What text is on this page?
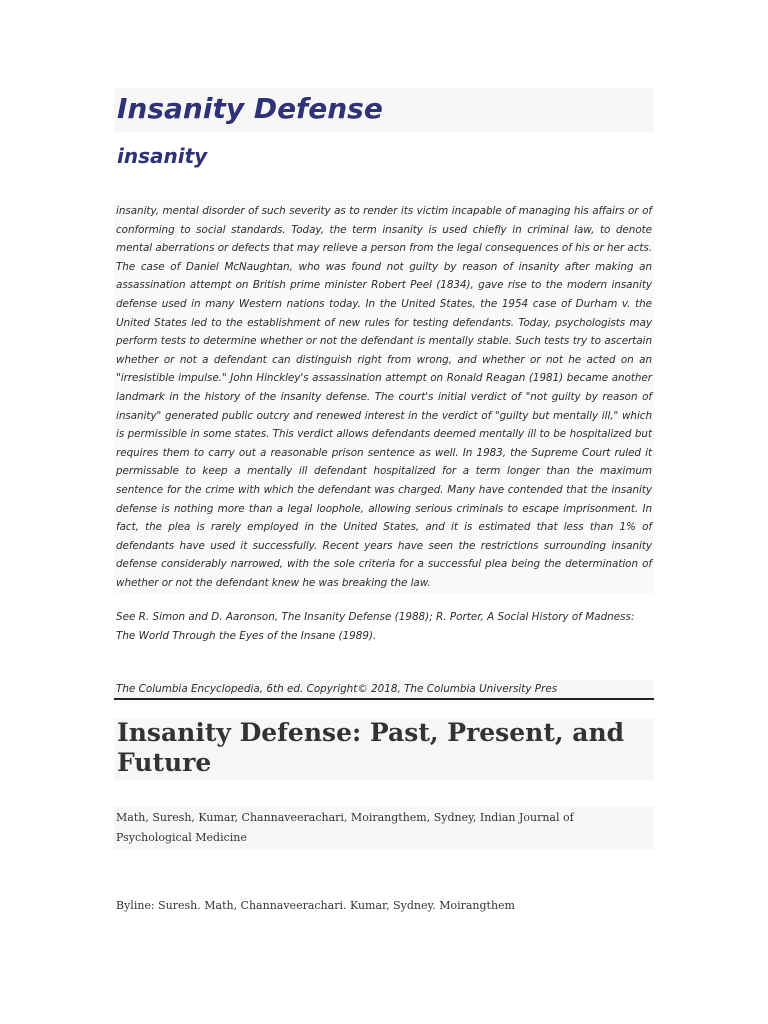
Insanity Defense
insanity

insanity, mental disorder of such severity as to render its victim incapable of managing his affairs or of conforming to social standards. Today, the term insanity is used chiefly in criminal law, to denote mental aberrations or defects that may relieve a person from the legal consequences of his or her acts. The case of Daniel McNaughtan, who was found not guilty by reason of insanity after making an assassination attempt on British prime minister Robert Peel (1834), gave rise to the modern insanity defense used in many Western nations today. In the United States, the 1954 case of Durham v. the United States led to the establishment of new rules for testing defendants. Today, psychologists may perform tests to determine whether or not the defendant is mentally stable. Such tests try to ascertain whether or not a defendant can distinguish right from wrong, and whether or not he acted on an "irresistible impulse." John Hinckley's assassination attempt on Ronald Reagan (1981) became another landmark in the history of the insanity defense. The court's initial verdict of "not guilty by reason of insanity" generated public outcry and renewed interest in the verdict of "guilty but mentally ill," which is permissible in some states. This verdict allows defendants deemed mentally ill to be hospitalized but requires them to carry out a reasonable prison sentence as well. In 1983, the Supreme Court ruled it permissable to keep a mentally ill defendant hospitalized for a term longer than the maximum sentence for the crime with which the defendant was charged. Many have contended that the insanity defense is nothing more than a legal loophole, allowing serious criminals to escape imprisonment. In fact, the plea is rarely employed in the United States, and it is estimated that less than 1% of defendants have used it successfully. Recent years have seen the restrictions surrounding insanity defense considerably narrowed, with the sole criteria for a successful plea being the determination of whether or not the defendant knew he was breaking the law.

See R. Simon and D. Aaronson, The Insanity Defense (1988); R. Porter, A Social History of Madness: The World Through the Eyes of the Insane (1989).

The Columbia Encyclopedia, 6th ed. Copyright© 2018, The Columbia University Pres
Insanity Defense: Past, Present, and Future
Math, Suresh, Kumar, Channaveerachari, Moirangthem, Sydney, Indian Journal of Psychological Medicine
Byline: Suresh. Math, Channaveerachari. Kumar, Sydney. Moirangthem
